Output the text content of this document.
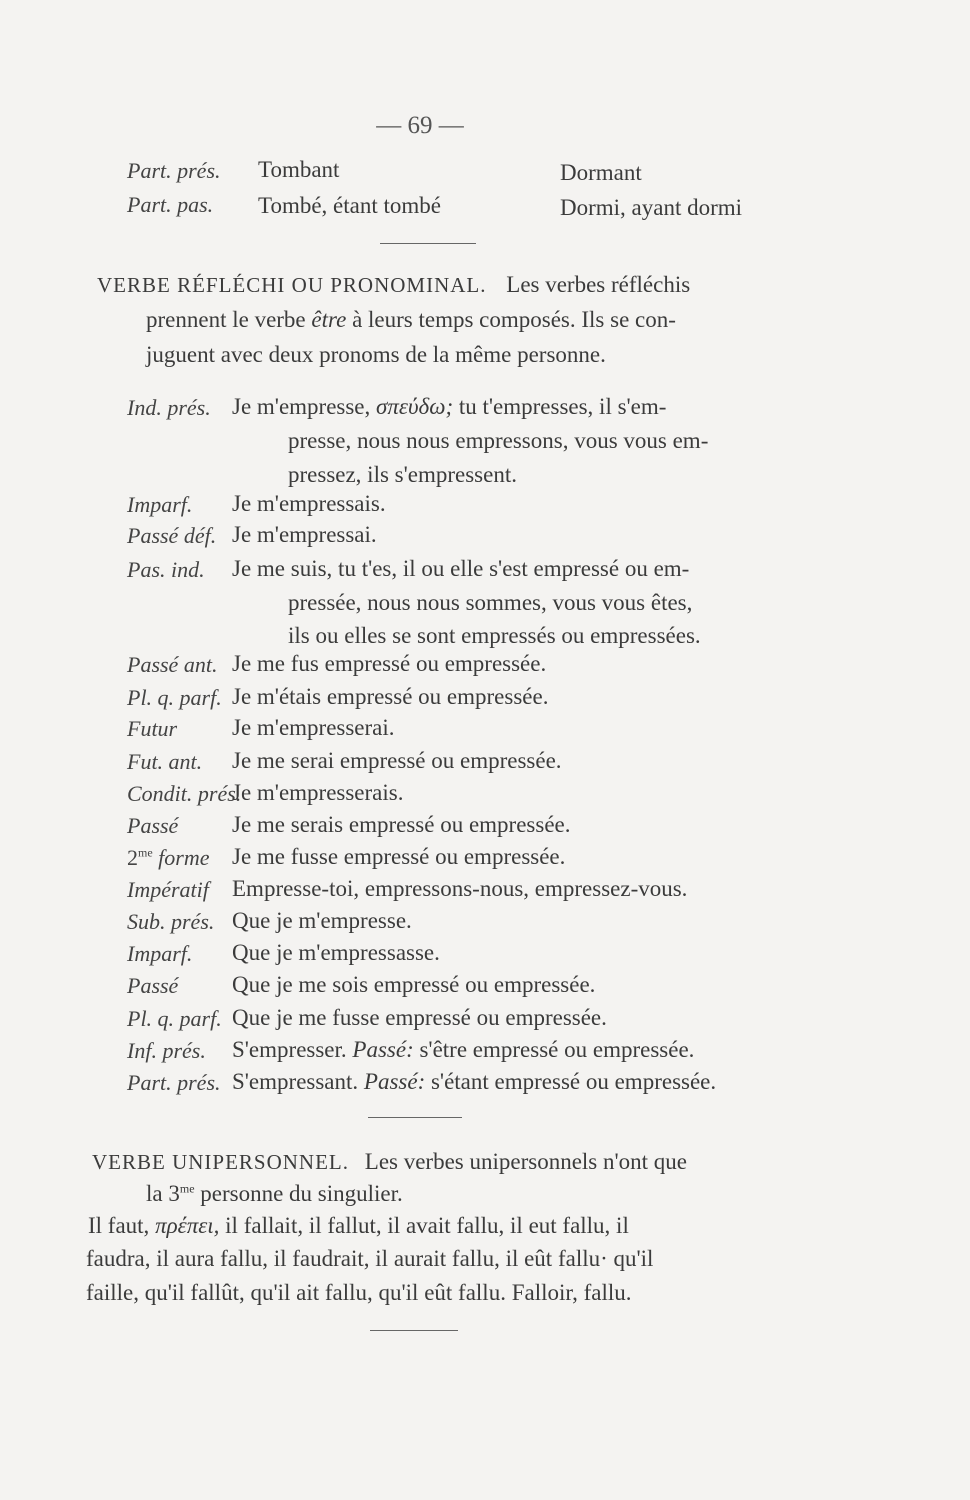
— 69 —
Part. prés. Tombant	Dormant
Part. pas. Tombé, étant tombé	Dormi, ayant dormi
VERBE RÉFLÉCHI OU PRONOMINAL. Les verbes réfléchis
prennent le verbe être à leurs temps composés. Ils se con-
juguent avec deux pronoms de la même personne.
Ind. prés. Je m'empresse, σπεύδω; tu t'empresses, il s'em-
presse, nous nous empressons, vous vous em-
pressez, ils s'empressent.
Imparf. Je m'empressais.
Passé déf. Je m'empressai.
Pas. ind. Je me suis, tu t'es, il ou elle s'est empressé ou em-
pressée, nous nous sommes, vous vous êtes,
ils ou elles se sont empressés ou empressées.
Passé ant. Je me fus empressé ou empressée.
Pl. q. parf. Je m'étais empressé ou empressée.
Futur Je m'empresserai.
Fut. ant. Je me serai empressé ou empressée.
Condit. prés.
Je m'empresserais.
Passé Je me serais empressé ou empressée.
$2^{me}$ forme Je me fusse empressé ou empressée.
Impératif Empresse-toi, empressons-nous, empressez-vous.
Sub. prés. Que je m'empresse.
Imparf. Que je m'empressasse.
Passé Que je me sois empressé ou empressée.
Pl. q. parf. Que je me fusse empressé ou empressée.
Inf. prés. S'empresser. Passé: s'être empressé ou empressée.
Part. prés. S'empressant. Passé: s'étant empressé ou empressée.
VERBE UNIPERSONNEL. Les verbes unipersonnels n'ont que
la $3^{me}$ personne du singulier.
Il faut, πρέπει, il fallait, il fallut, il avait fallu, il eut fallu, il
faudra, il aura fallu, il faudrait, il aurait fallu, il eût fallu· qu'il
faille, qu'il fallût, qu'il ait fallu, qu'il eût fallu. Falloir, fallu.
